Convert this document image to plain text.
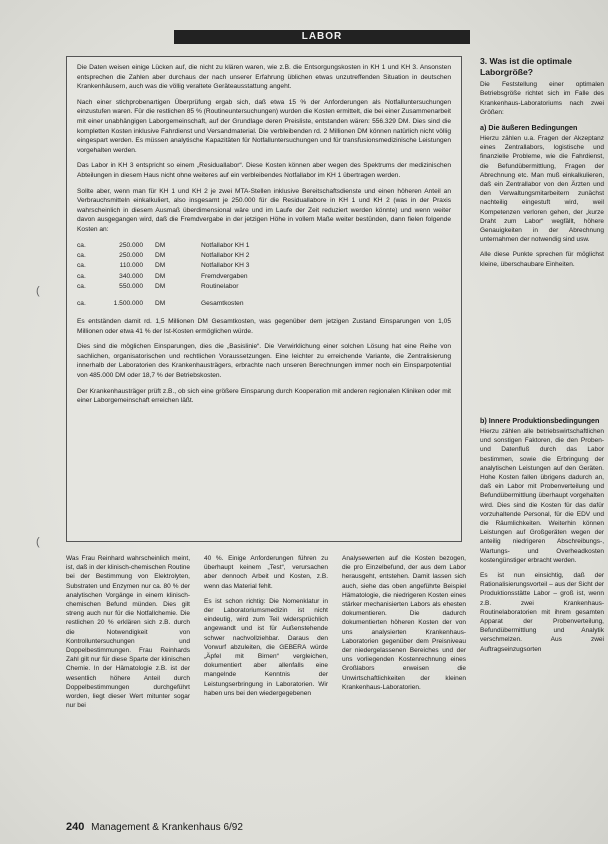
LABOR
(
(

Die Daten weisen einige Lücken auf, die nicht zu klären waren, wie z.B. die Entsorgungskosten in KH 1 und KH 3. Ansonsten entsprechen die Zahlen aber durchaus der nach unserer Erfahrung üblichen etwas unzutreffenden Situation in deutschen Krankenhäusern, auch was die völlig veraltete Geräteausstattung angeht.

Nach einer stichprobenartigen Überprüfung ergab sich, daß etwa 15 % der Anforderungen als Notfalluntersuchungen einzustufen waren. Für die restlichen 85 % (Routineuntersuchungen) wurden die Kosten ermittelt, die bei einer Zusammenarbeit mit einer unabhängigen Laborgemeinschaft, auf der Grundlage deren Preisliste, entstanden wären: 556.329 DM. Dies sind die kompletten Kosten inklusive Fahrdienst und Versandmaterial. Die verbleibenden rd. 2 Millionen DM können natürlich nicht völlig eingespart werden. Es müssen analytische Kapazitäten für Notfalluntersuchungen und für transfusionsmedizinische Leistungen vorgehalten werden.

Das Labor in KH 3 entspricht so einem „Residuallabor“. Diese Kosten können aber wegen des Spektrums der medizinischen Abteilungen in diesem Haus nicht ohne weiteres auf ein verbleibendes Notfallabor im KH 1 übertragen werden.

Sollte aber, wenn man für KH 1 und KH 2 je zwei MTA-Stellen inklusive Bereitschaftsdienste und einen höheren Anteil an Verbrauchsmitteln einkalkuliert, also insgesamt je 250.000 für die Residuallabore in KH 1 und KH 2 (was in der Praxis wahrscheinlich in diesem Ausmaß überdimensional wäre und im Laufe der Zeit reduziert werden könnte) und wenn weiter davon ausgegangen wird, daß die Fremdvergabe in der jetzigen Höhe in vollem Maße weiter bestünden, dann fielen folgende Kosten an:

ca.	250.000	DM	Notfallabor KH 1
ca.	250.000	DM	Notfallabor KH 2
ca.	110.000	DM	Notfallabor KH 3
ca.	340.000	DM	Fremdvergaben
ca.	550.000	DM	Routinelabor
ca.	1.500.000	DM	Gesamtkosten

Es entständen damit rd. 1,5 Millionen DM Gesamtkosten, was gegenüber dem jetzigen Zustand Einsparungen von 1,05 Millionen oder etwa 41 % der Ist-Kosten ermöglichen würde.

Dies sind die möglichen Einsparungen, dies die „Basislinie“. Die Verwirklichung einer solchen Lösung hat eine Reihe von sachlichen, organisatorischen und rechtlichen Voraussetzungen. Eine leichter zu erreichende Variante, die Zentralisierung innerhalb der Laboratorien des Krankenhausträgers, erbrachte nach unseren Berechnungen immer noch ein Einsparpotential von 485.000 DM oder 18,7 % der Betriebskosten.

Der Krankenhausträger prüft z.B., ob sich eine größere Einsparung durch Kooperation mit anderen regionalen Kliniken oder mit einer Laborgemeinschaft erreichen läßt.

Was Frau Reinhard wahrscheinlich meint, ist, daß in der klinisch-chemischen Routine bei der Bestimmung von Elektrolyten, Substraten und Enzymen nur ca. 80 % der analytischen Vorgänge in einem klinisch-chemischen Befund münden. Dies gilt streng auch nur für die Notfallchemie. Die restlichen 20 % erklären sich z.B. durch die Notwendigkeit von Kontrolluntersuchungen und Doppelbestimmungen. Frau Reinhards Zahl gilt nur für diese Sparte der klinischen Chemie. In der Hämatologie z.B. ist der wesentlich höhere Anteil durch Doppelbestimmungen durchgeführt worden, liegt dieser Wert mitunter sogar nur bei

40 %. Einige Anforderungen führen zu überhaupt keinem „Test“, verursachen aber dennoch Arbeit und Kosten, z.B. wenn das Material fehlt.

Es ist schon richtig: Die Nomenklatur in der Laboratoriumsmedizin ist nicht eindeutig, wird zum Teil widersprüchlich angewandt und ist für Außenstehende schwer nachvollziehbar. Daraus den Vorwurf abzuleiten, die GEBERA würde „Äpfel mit Birnen“ vergleichen, dokumentiert aber allenfalls eine mangelnde Kenntnis der Leistungserbringung in Laboratorien. Wir haben uns bei den wiedergegebenen

Analysewerten auf die Kosten bezogen, die pro Einzelbefund, der aus dem Labor herausgeht, entstehen. Damit lassen sich auch, siehe das oben angeführte Beispiel Hämatologie, die niedrigeren Kosten eines stärker mechanisierten Labors als ehesten dokumentieren. Die dadurch dokumentierten höheren Kosten der von uns analysierten Krankenhaus-Laboratorien gegenüber dem Preisniveau der niedergelassenen Bereiches und der uns vorliegenden Kostenrechnung eines Großlabors erweisen die Unwirtschaftlichkeiten der kleinen Krankenhaus-Laboratorien.

3. Was ist die optimale Laborgröße?

Die Feststellung einer optimalen Betriebsgröße richtet sich im Falle des Krankenhaus-Laboratoriums nach zwei Größen:

a) Die äußeren Bedingungen

Hierzu zählen u.a. Fragen der Akzeptanz eines Zentrallabors, logistische und finanzielle Probleme, wie die Fahrdienst, die Befundübermittlung, Fragen der Abrechnung etc. Man muß einkalkulieren, daß ein Zentrallabor von den Ärzten und den Verwaltungsmitarbeitern zunächst nachteilig eingestuft wird, weil Kompetenzen verloren gehen, der „kurze Draht zum Labor“ wegfällt, höhere Genauigkeiten in der Abrechnung unternahmen der notwendig sind usw.

Alle diese Punkte sprechen für möglichst kleine, überschaubare Einheiten.

b) Innere Produktionsbedingungen

Hierzu zählen alle betriebswirtschaftlichen und sonstigen Faktoren, die den Proben- und Datenfluß durch das Labor bestimmen, sowie die Erbringung der analytischen Leistungen auf den Geräten. Hohe Kosten fallen übrigens dadurch an, daß ein Labor mit Probenverteilung und Befundübermittlung überhaupt vorgehalten wird. Dies sind die Kosten für das dafür vorzuhaltende Personal, für die EDV und die Räumlichkeiten. Weiterhin können Leistungen auf Großgeräten wegen der anteilig niedrigeren Abschreibungs-, Wartungs- und Overheadkosten kostengünstiger erbracht werden.

Es ist nun einsichtig, daß der Rationalisierungsvorteil – aus der Sicht der Produktionsstätte Labor – groß ist, wenn z.B. zwei Krankenhaus-Routinelaboratorien mit ihrem gesamten Apparat der Probenverteilung, Befundübermittlung und Analytik verschmelzen. Aus zwei Auftragseinzugsorten

240 Management & Krankenhaus 6/92
